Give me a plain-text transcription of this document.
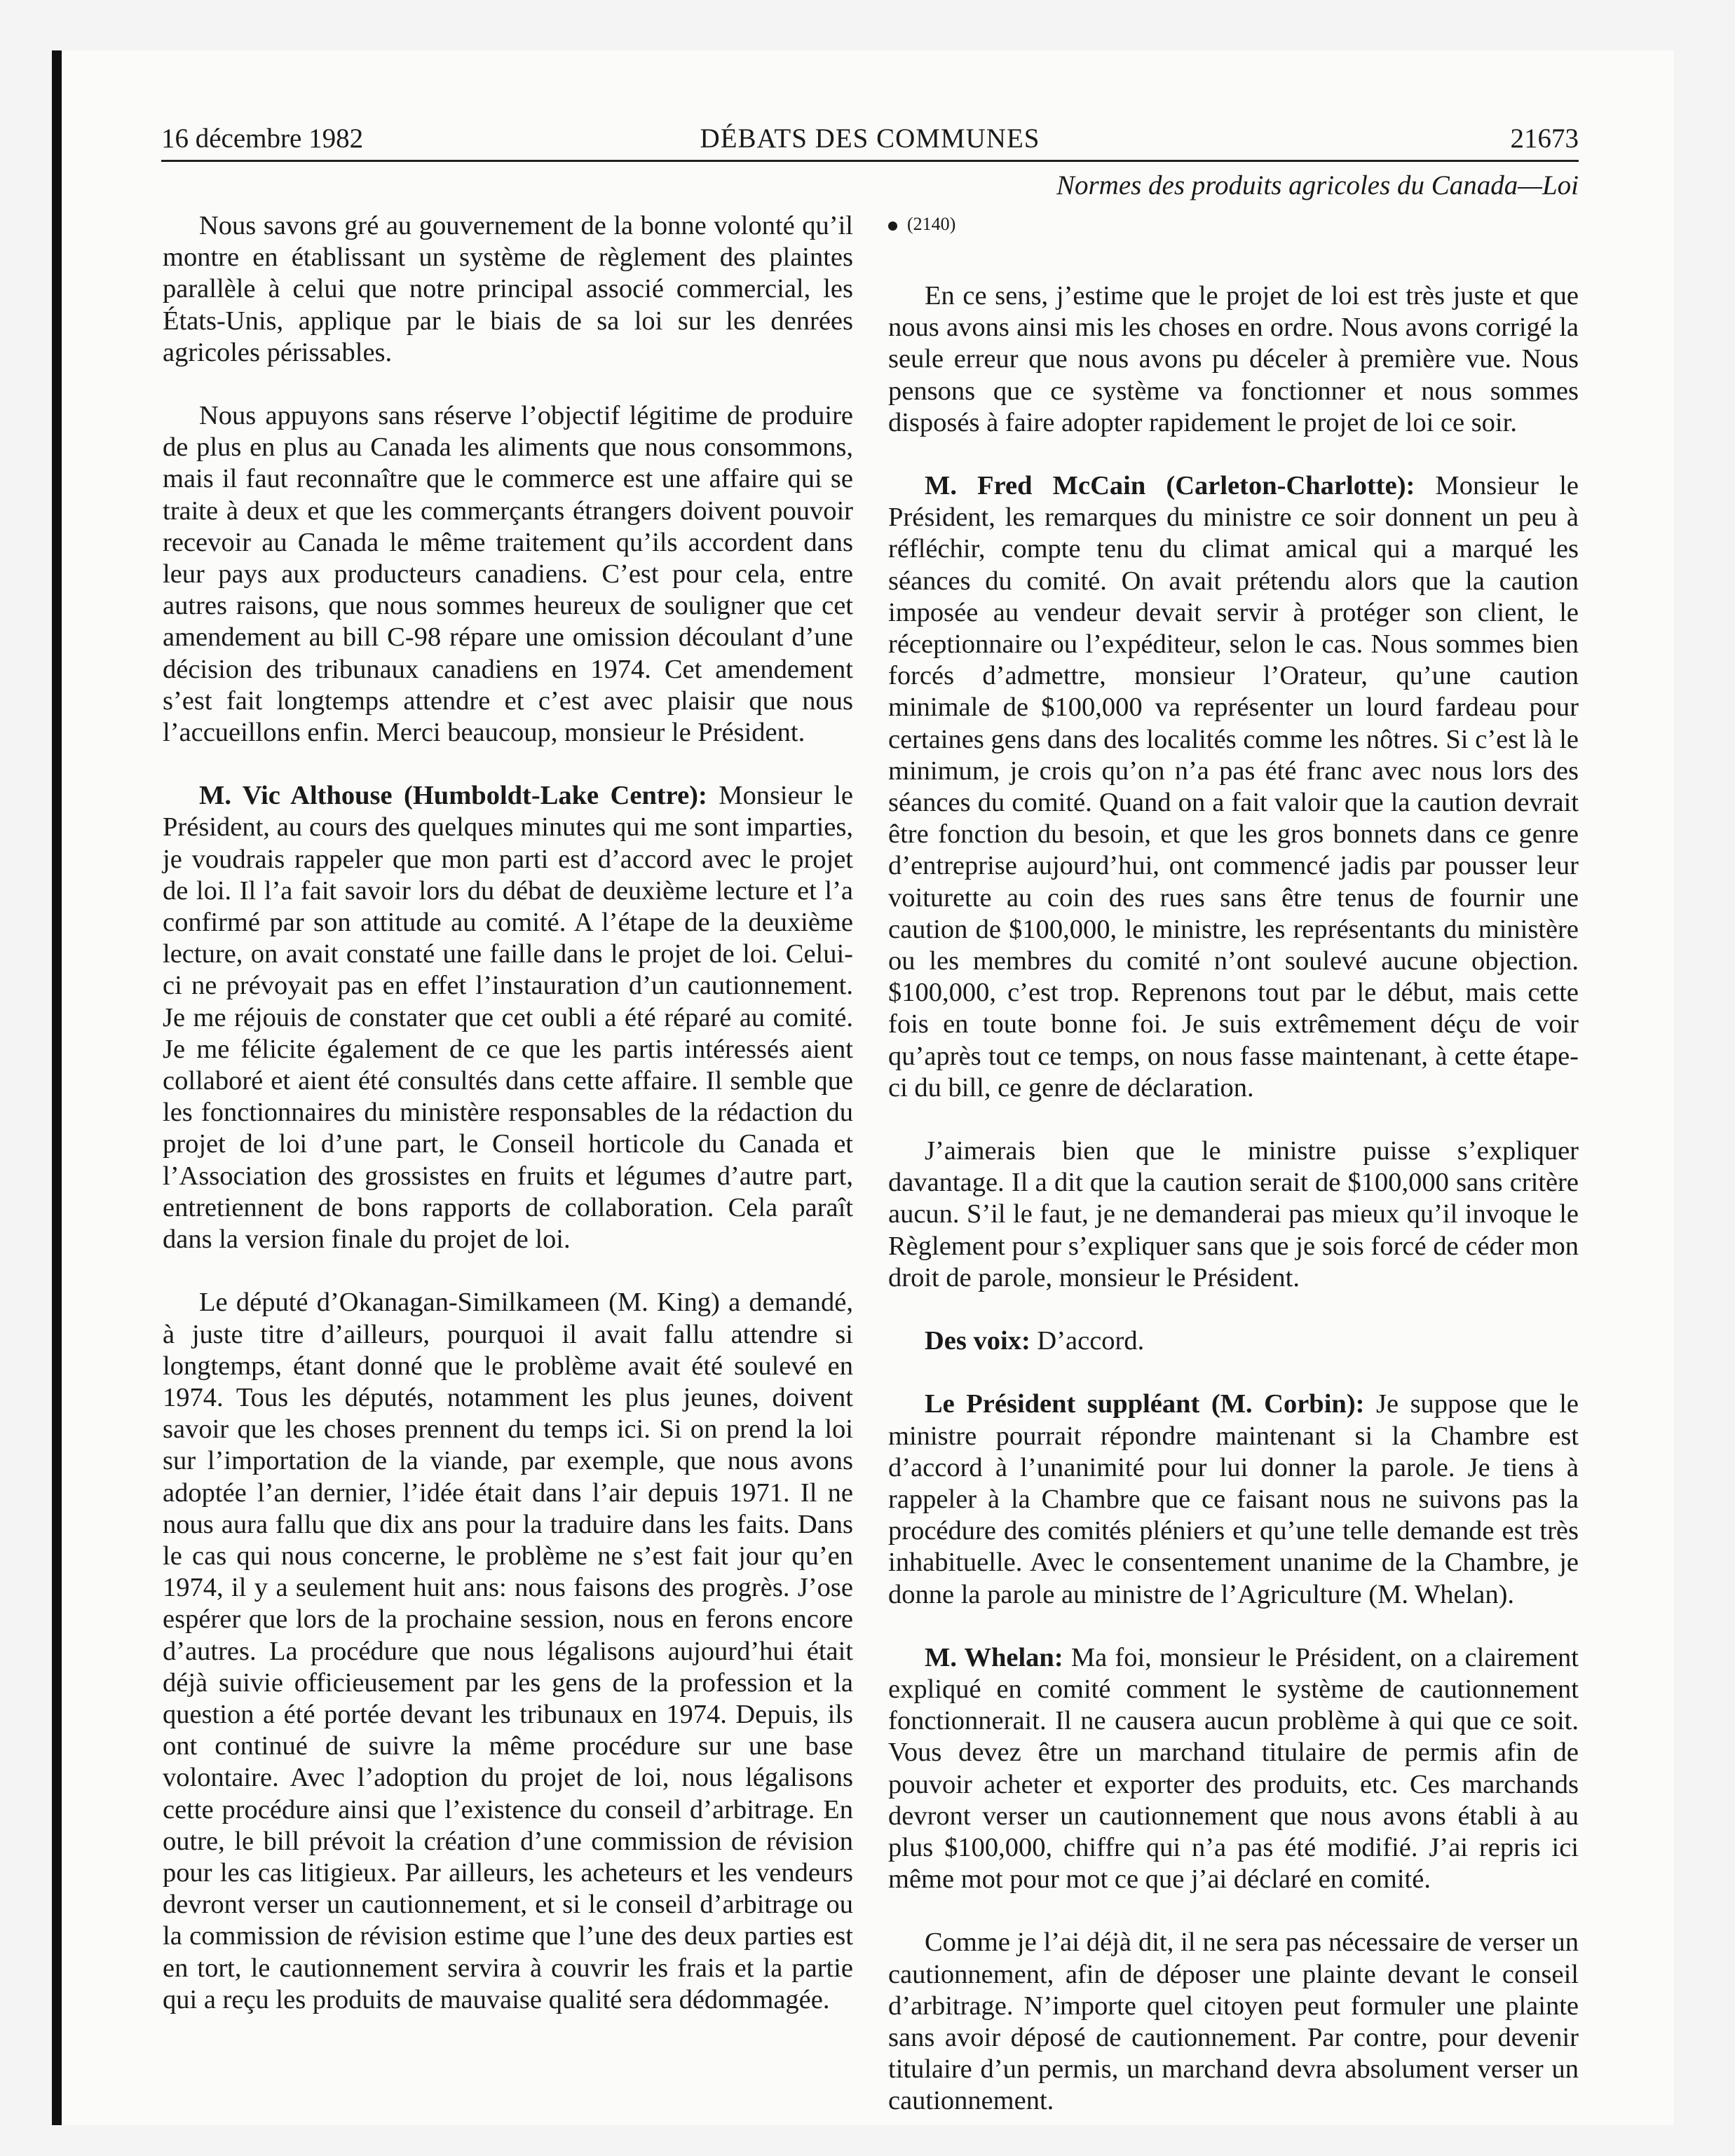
16 décembre 1982	DÉBATS DES COMMUNES	21673
Normes des produits agricoles du Canada—Loi

Nous savons gré au gouvernement de la bonne volonté qu’il montre en établissant un système de règlement des plaintes parallèle à celui que notre principal associé commercial, les États-Unis, applique par le biais de sa loi sur les denrées agricoles périssables.

Nous appuyons sans réserve l’objectif légitime de produire de plus en plus au Canada les aliments que nous consommons, mais il faut reconnaître que le commerce est une affaire qui se traite à deux et que les commerçants étrangers doivent pouvoir recevoir au Canada le même traitement qu’ils accordent dans leur pays aux producteurs canadiens. C’est pour cela, entre autres raisons, que nous sommes heureux de souligner que cet amendement au bill C-98 répare une omission découlant d’une décision des tribunaux canadiens en 1974. Cet amendement s’est fait longtemps attendre et c’est avec plaisir que nous l’accueillons enfin. Merci beaucoup, monsieur le Président.

M. Vic Althouse (Humboldt-Lake Centre): Monsieur le Président, au cours des quelques minutes qui me sont imparties, je voudrais rappeler que mon parti est d’accord avec le projet de loi. Il l’a fait savoir lors du débat de deuxième lecture et l’a confirmé par son attitude au comité. A l’étape de la deuxième lecture, on avait constaté une faille dans le projet de loi. Celui-ci ne prévoyait pas en effet l’instauration d’un cautionnement. Je me réjouis de constater que cet oubli a été réparé au comité. Je me félicite également de ce que les partis intéressés aient collaboré et aient été consultés dans cette affaire. Il semble que les fonctionnaires du ministère responsables de la rédaction du projet de loi d’une part, le Conseil horticole du Canada et l’Association des grossistes en fruits et légumes d’autre part, entretiennent de bons rapports de collaboration. Cela paraît dans la version finale du projet de loi.

Le député d’Okanagan-Similkameen (M. King) a demandé, à juste titre d’ailleurs, pourquoi il avait fallu attendre si longtemps, étant donné que le problème avait été soulevé en 1974. Tous les députés, notamment les plus jeunes, doivent savoir que les choses prennent du temps ici. Si on prend la loi sur l’importation de la viande, par exemple, que nous avons adoptée l’an dernier, l’idée était dans l’air depuis 1971. Il ne nous aura fallu que dix ans pour la traduire dans les faits. Dans le cas qui nous concerne, le problème ne s’est fait jour qu’en 1974, il y a seulement huit ans: nous faisons des progrès. J’ose espérer que lors de la prochaine session, nous en ferons encore d’autres. La procédure que nous légalisons aujourd’hui était déjà suivie officieusement par les gens de la profession et la question a été portée devant les tribunaux en 1974. Depuis, ils ont continué de suivre la même procédure sur une base volontaire. Avec l’adoption du projet de loi, nous légalisons cette procédure ainsi que l’existence du conseil d’arbitrage. En outre, le bill prévoit la création d’une commission de révision pour les cas litigieux. Par ailleurs, les acheteurs et les vendeurs devront verser un cautionnement, et si le conseil d’arbitrage ou la commission de révision estime que l’une des deux parties est en tort, le cautionnement servira à couvrir les frais et la partie qui a reçu les produits de mauvaise qualité sera dédommagée.

(2140)

En ce sens, j’estime que le projet de loi est très juste et que nous avons ainsi mis les choses en ordre. Nous avons corrigé la seule erreur que nous avons pu déceler à première vue. Nous pensons que ce système va fonctionner et nous sommes disposés à faire adopter rapidement le projet de loi ce soir.

M. Fred McCain (Carleton-Charlotte): Monsieur le Président, les remarques du ministre ce soir donnent un peu à réfléchir, compte tenu du climat amical qui a marqué les séances du comité. On avait prétendu alors que la caution imposée au vendeur devait servir à protéger son client, le réceptionnaire ou l’expéditeur, selon le cas. Nous sommes bien forcés d’admettre, monsieur l’Orateur, qu’une caution minimale de $100,000 va représenter un lourd fardeau pour certaines gens dans des localités comme les nôtres. Si c’est là le minimum, je crois qu’on n’a pas été franc avec nous lors des séances du comité. Quand on a fait valoir que la caution devrait être fonction du besoin, et que les gros bonnets dans ce genre d’entreprise aujourd’hui, ont commencé jadis par pousser leur voiturette au coin des rues sans être tenus de fournir une caution de $100,000, le ministre, les représentants du ministère ou les membres du comité n’ont soulevé aucune objection. $100,000, c’est trop. Reprenons tout par le début, mais cette fois en toute bonne foi. Je suis extrêmement déçu de voir qu’après tout ce temps, on nous fasse maintenant, à cette étape-ci du bill, ce genre de déclaration.

J’aimerais bien que le ministre puisse s’expliquer davantage. Il a dit que la caution serait de $100,000 sans critère aucun. S’il le faut, je ne demanderai pas mieux qu’il invoque le Règlement pour s’expliquer sans que je sois forcé de céder mon droit de parole, monsieur le Président.

Des voix: D’accord.

Le Président suppléant (M. Corbin): Je suppose que le ministre pourrait répondre maintenant si la Chambre est d’accord à l’unanimité pour lui donner la parole. Je tiens à rappeler à la Chambre que ce faisant nous ne suivons pas la procédure des comités pléniers et qu’une telle demande est très inhabituelle. Avec le consentement unanime de la Chambre, je donne la parole au ministre de l’Agriculture (M. Whelan).

M. Whelan: Ma foi, monsieur le Président, on a clairement expliqué en comité comment le système de cautionnement fonctionnerait. Il ne causera aucun problème à qui que ce soit. Vous devez être un marchand titulaire de permis afin de pouvoir acheter et exporter des produits, etc. Ces marchands devront verser un cautionnement que nous avons établi à au plus $100,000, chiffre qui n’a pas été modifié. J’ai repris ici même mot pour mot ce que j’ai déclaré en comité.

Comme je l’ai déjà dit, il ne sera pas nécessaire de verser un cautionnement, afin de déposer une plainte devant le conseil d’arbitrage. N’importe quel citoyen peut formuler une plainte sans avoir déposé de cautionnement. Par contre, pour devenir titulaire d’un permis, un marchand devra absolument verser un cautionnement.
